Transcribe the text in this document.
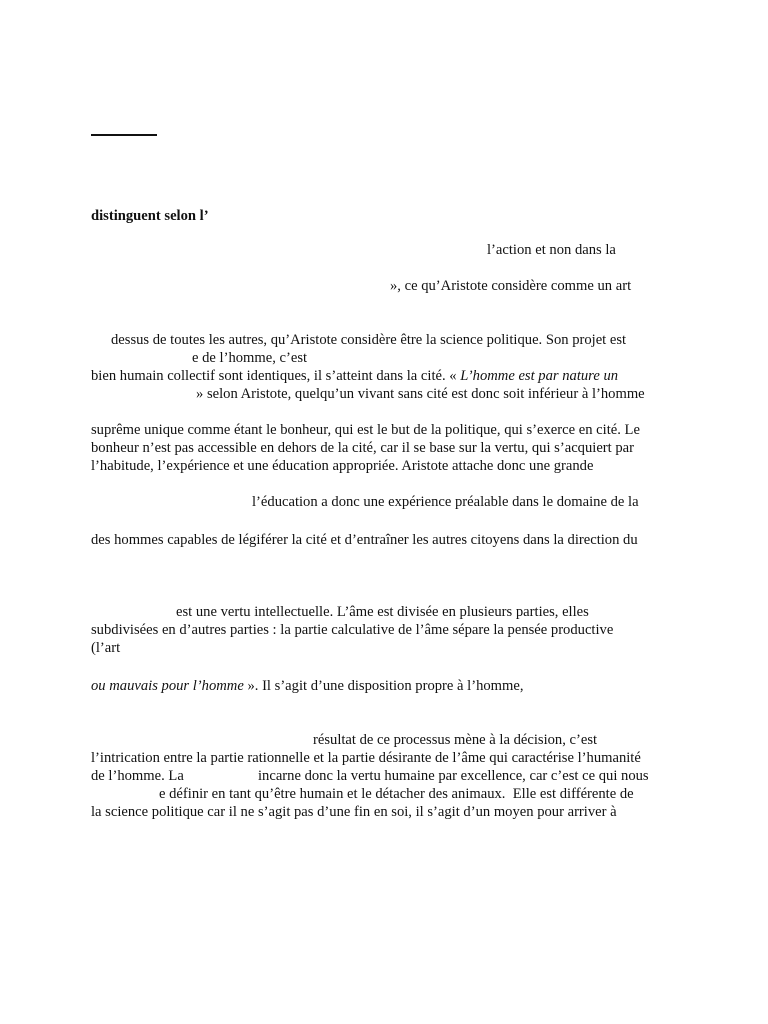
distinguent selon l’
l’action et non dans la
», ce qu’Aristote considère comme un art
dessus de toutes les autres, qu’Aristote considère être la science politique. Son projet est
e de l’homme, c’est
bien humain collectif sont identiques, il s’atteint dans la cité. « L’homme est par nature un
» selon Aristote, quelqu’un vivant sans cité est donc soit inférieur à l’homme
suprême unique comme étant le bonheur, qui est le but de la politique, qui s’exerce en cité. Le
bonheur n’est pas accessible en dehors de la cité, car il se base sur la vertu, qui s’acquiert par
l’habitude, l’expérience et une éducation appropriée. Aristote attache donc une grande
l’éducation a donc une expérience préalable dans le domaine de la
des hommes capables de légiférer la cité et d’entraîner les autres citoyens dans la direction du
est une vertu intellectuelle. L’âme est divisée en plusieurs parties, elles
subdivisées en d’autres parties : la partie calculative de l’âme sépare la pensée productive
(l’art
ou mauvais pour l’homme ». Il s’agit d’une disposition propre à l’homme,
résultat de ce processus mène à la décision, c’est
l’intrication entre la partie rationnelle et la partie désirante de l’âme qui caractérise l’humanité
de l’homme. La	incarne donc la vertu humaine par excellence, car c’est ce qui nous
e définir en tant qu’être humain et le détacher des animaux.  Elle est différente de
la science politique car il ne s’agit pas d’une fin en soi, il s’agit d’un moyen pour arriver à
